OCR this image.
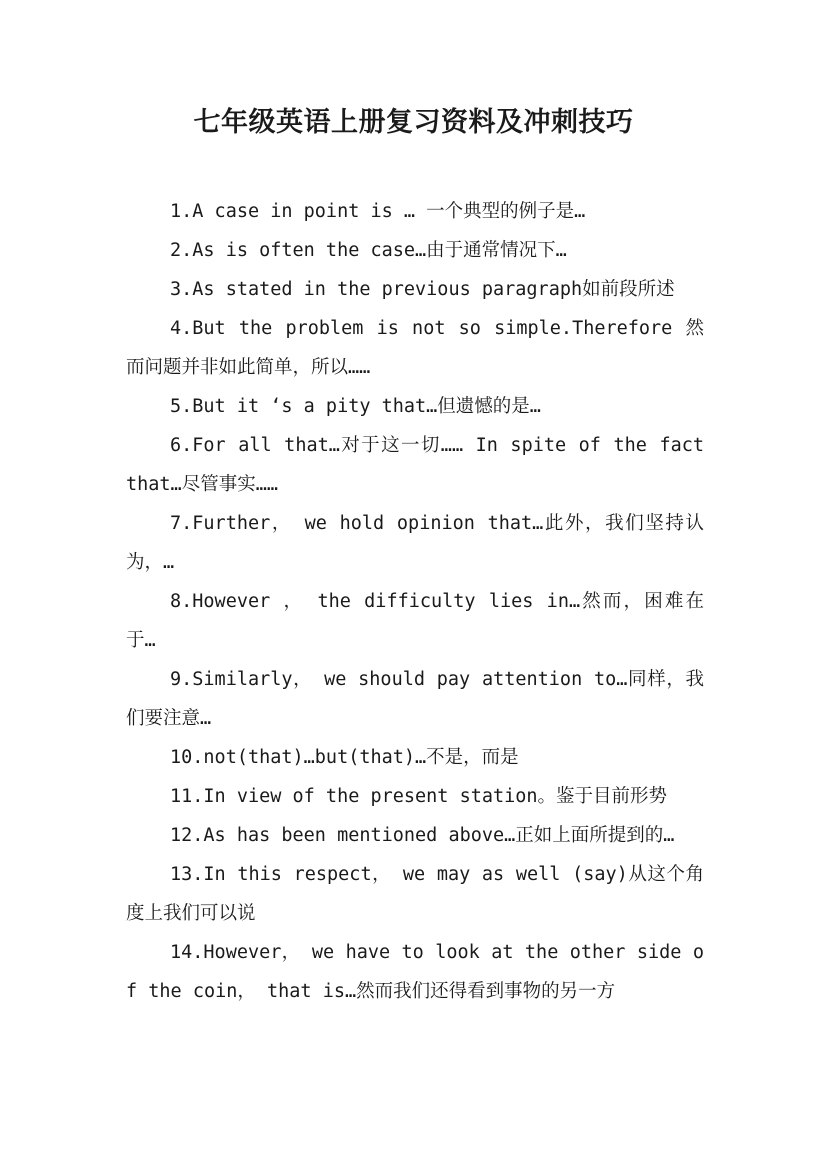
七年级英语上册复习资料及冲刺技巧

1.A case in point is … 一个典型的例子是…

2.As is often the case…由于通常情况下…

3.As stated in the previous paragraph如前段所述

4.But the problem is not so simple.Therefore 然而问题并非如此简单，所以……

5.But it ‘s a pity that…但遗憾的是…

6.For all that…对于这一切…… In spite of the fact that…尽管事实……

7.Further， we hold opinion that…此外，我们坚持认为，…

8.However ， the difficulty lies in…然而，困难在于…

9.Similarly， we should pay attention to…同样，我们要注意…

10.not(that)…but(that)…不是，而是

11.In view of the present station。鉴于目前形势

12.As has been mentioned above…正如上面所提到的…

13.In this respect， we may as well (say)从这个角度上我们可以说

14.However， we have to look at the other side of the coin， that is…然而我们还得看到事物的另一方
